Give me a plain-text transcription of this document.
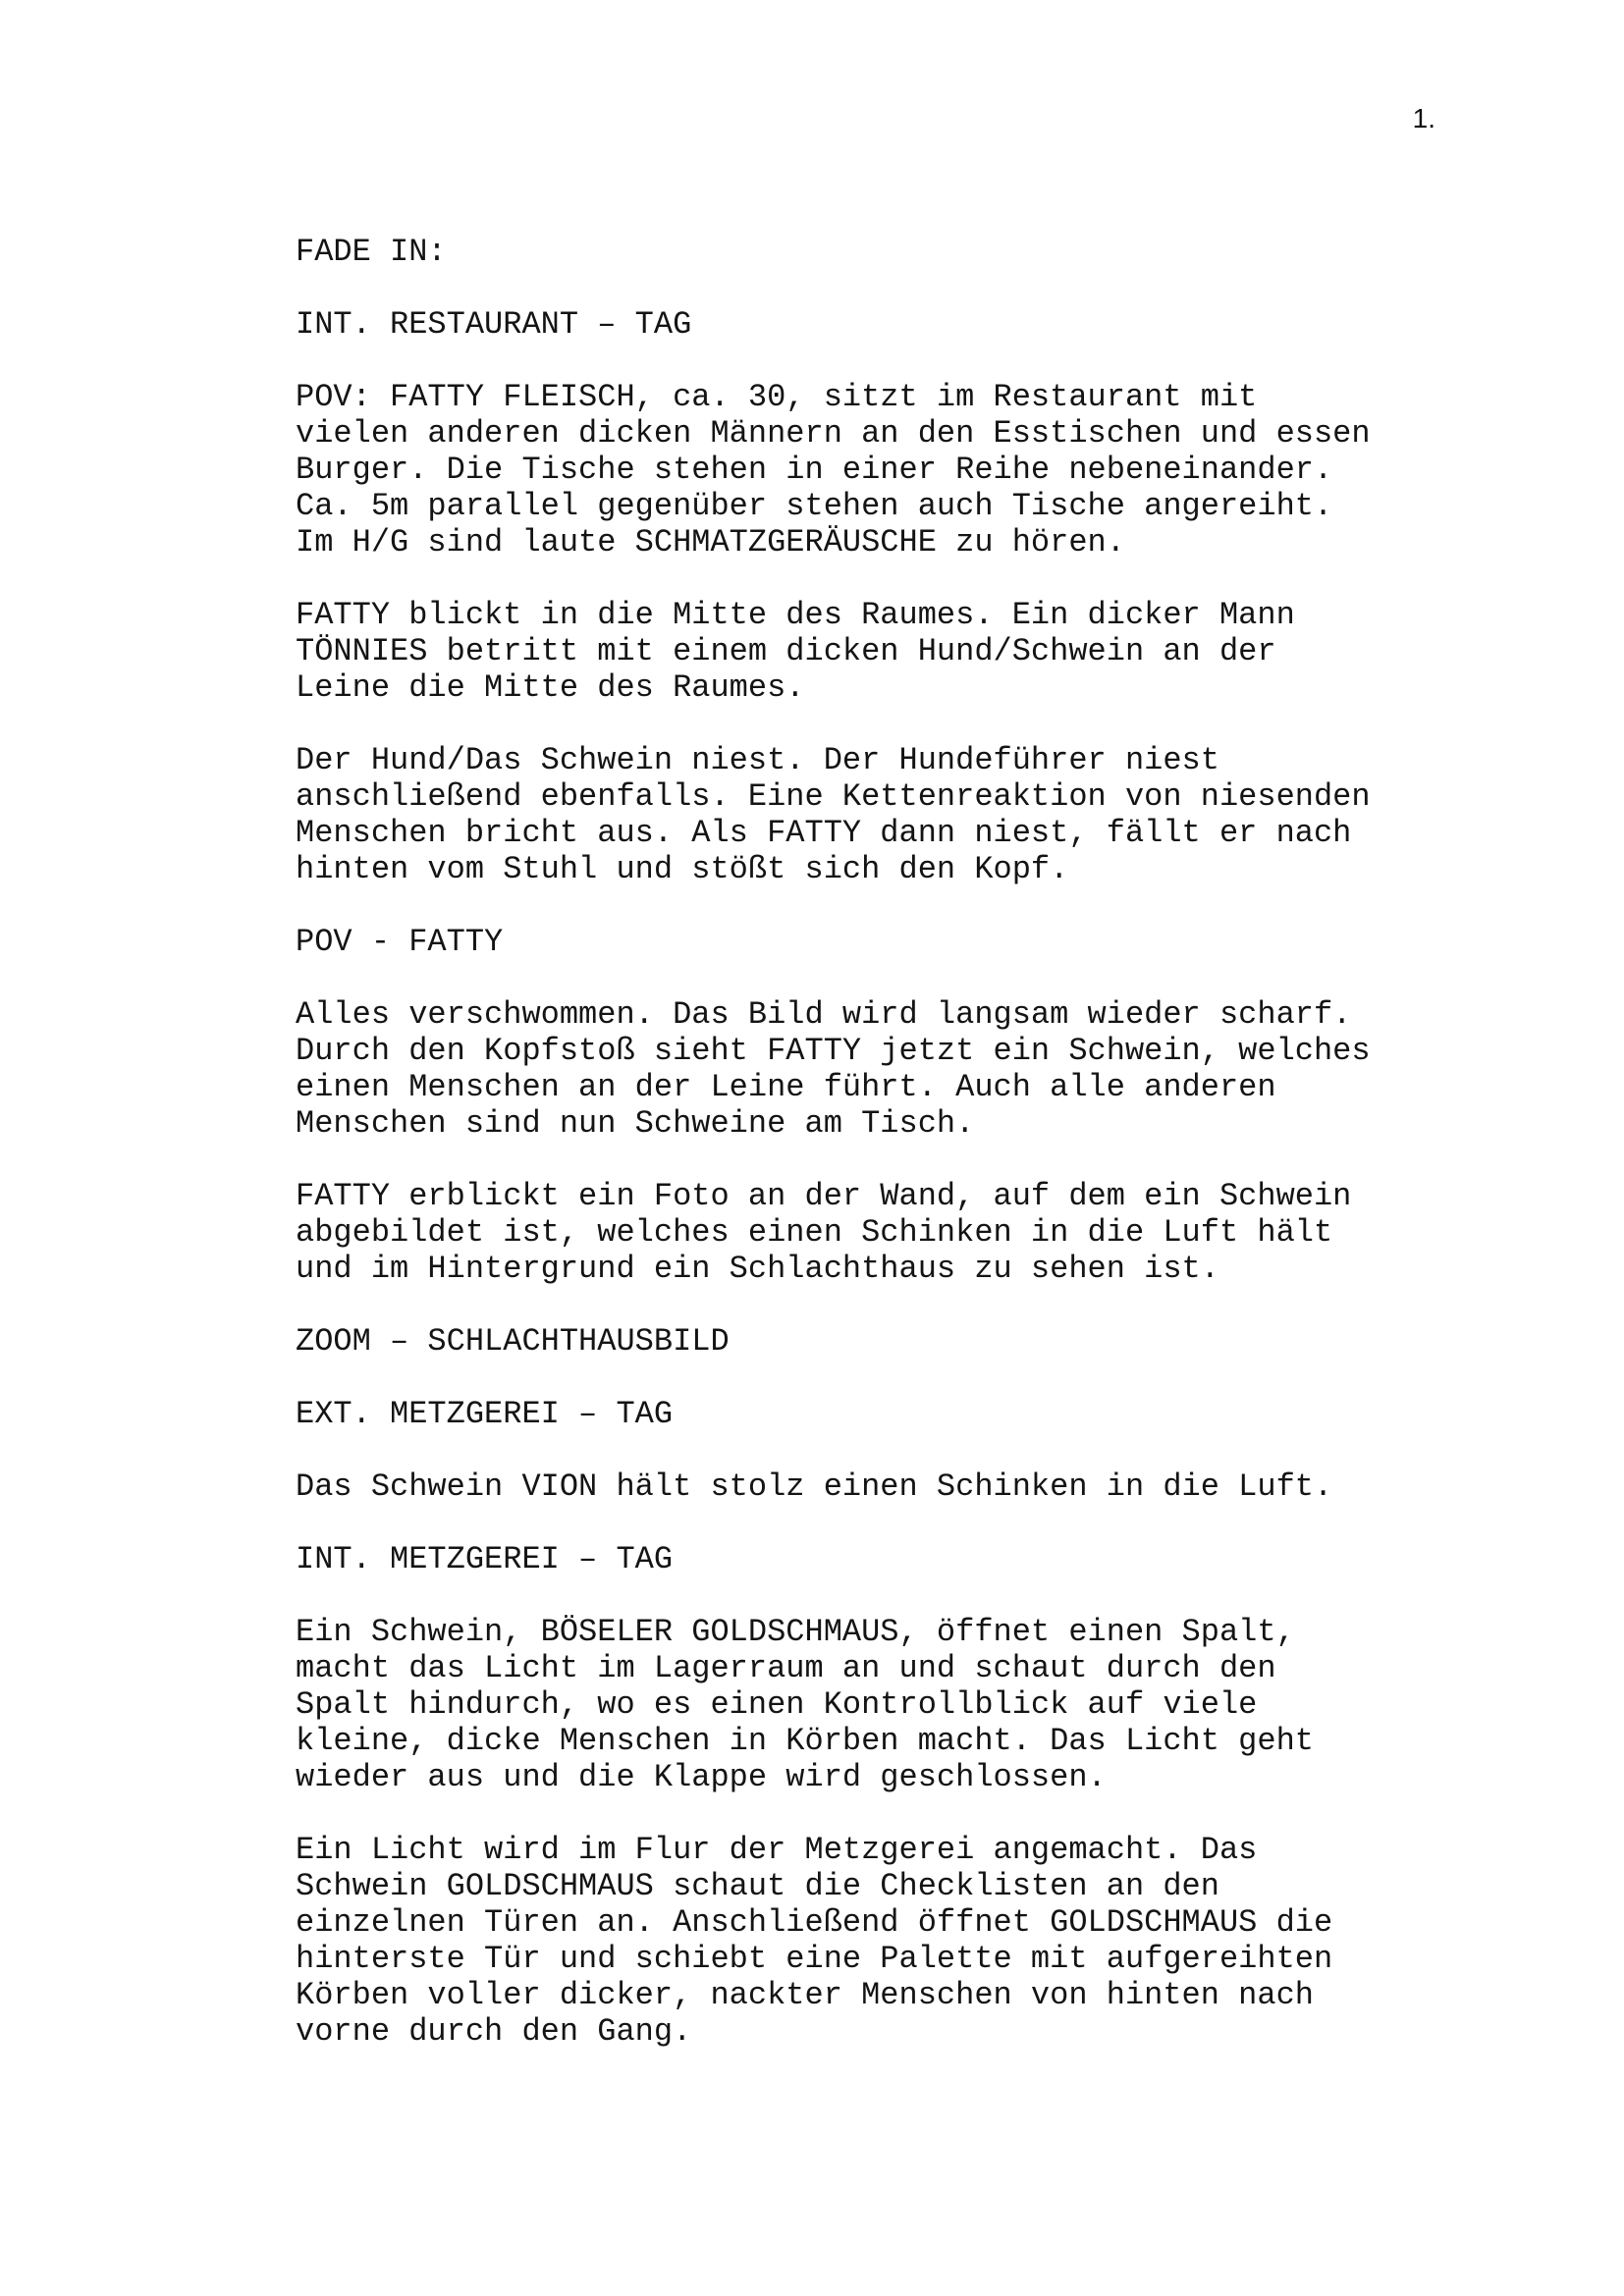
1.

FADE IN:
INT. RESTAURANT – TAG
POV: FATTY FLEISCH, ca. 30, sitzt im Restaurant mit
vielen anderen dicken Männern an den Esstischen und essen
Burger. Die Tische stehen in einer Reihe nebeneinander.
Ca. 5m parallel gegenüber stehen auch Tische angereiht.
Im H/G sind laute SCHMATZGERÄUSCHE zu hören.
FATTY blickt in die Mitte des Raumes. Ein dicker Mann
TÖNNIES betritt mit einem dicken Hund/Schwein an der
Leine die Mitte des Raumes.
Der Hund/Das Schwein niest. Der Hundeführer niest
anschließend ebenfalls. Eine Kettenreaktion von niesenden
Menschen bricht aus. Als FATTY dann niest, fällt er nach
hinten vom Stuhl und stößt sich den Kopf.
POV - FATTY
Alles verschwommen. Das Bild wird langsam wieder scharf.
Durch den Kopfstoß sieht FATTY jetzt ein Schwein, welches
einen Menschen an der Leine führt. Auch alle anderen
Menschen sind nun Schweine am Tisch.
FATTY erblickt ein Foto an der Wand, auf dem ein Schwein
abgebildet ist, welches einen Schinken in die Luft hält
und im Hintergrund ein Schlachthaus zu sehen ist.
ZOOM – SCHLACHTHAUSBILD
EXT. METZGEREI – TAG
Das Schwein VION hält stolz einen Schinken in die Luft.
INT. METZGEREI – TAG
Ein Schwein, BÖSELER GOLDSCHMAUS, öffnet einen Spalt,
macht das Licht im Lagerraum an und schaut durch den
Spalt hindurch, wo es einen Kontrollblick auf viele
kleine, dicke Menschen in Körben macht. Das Licht geht
wieder aus und die Klappe wird geschlossen.
Ein Licht wird im Flur der Metzgerei angemacht. Das
Schwein GOLDSCHMAUS schaut die Checklisten an den
einzelnen Türen an. Anschließend öffnet GOLDSCHMAUS die
hinterste Tür und schiebt eine Palette mit aufgereihten
Körben voller dicker, nackter Menschen von hinten nach
vorne durch den Gang.
